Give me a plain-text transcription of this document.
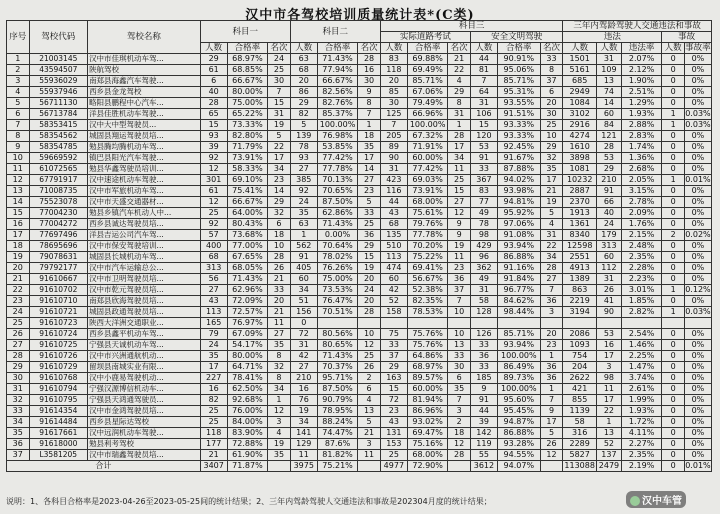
汉中市各驾校培训质量统计表*(C类)
序号	驾校代码	驾校名称	科目一			科目二			科目三						三年内驾龄驾驶人交通违法和事故				
									实际道路考试			安全文明驾驶			违法			事故	
			人数	合格率	名次	人数	合格率	名次	人数	合格率	名次	人数	合格率	名次	人数	人数	违法率	人数	事故率
1	21003145	汉中市佳琪机动车驾...	29	68.97%	24	63	71.43%	28	83	69.88%	21	44	90.91%	33	1501	31	2.07%	0	0%
2	43594507	陕航驾校	61	68.85%	25	68	77.94%	16	118	69.49%	22	81	95.06%	8	5161	109	2.12%	0	0%
3	55936029	南郑县海鑫汽车驾驶...	6	66.67%	30	20	66.67%	30	20	85.71%	4	7	85.71%	37	685	13	1.90%	0	0%
4	55937946	西乡县金龙驾校	40	80.00%	7	86	82.56%	9	85	67.06%	29	64	95.31%	6	2949	74	2.51%	0	0%
5	56711130	略阳县鹏程中心汽车...	28	75.00%	15	29	82.76%	8	30	79.49%	8	31	93.55%	20	1084	14	1.29%	0	0%
6	56713784	洋县佳胜机动车驾驶...	65	65.22%	31	82	85.37%	7	125	66.96%	31	106	91.51%	30	3102	60	1.93%	1	0.03%
7	58353415	汉中大中型驾驶员...	15	73.33%	19	5	100.00%	1	7	100.00%	1	15	93.33%	25	2916	84	2.88%	1	0.03%
8	58354562	城固县翔运驾驶员培...	93	82.80%	5	139	76.98%	18	205	67.32%	28	120	93.33%	10	4274	121	2.83%	0	0%
9	58354785	勉县腾均腾机动车驾...	39	71.79%	22	78	53.85%	35	89	71.91%	17	53	92.45%	29	1610	28	1.74%	0	0%
10	59669592	镇巴县阳光汽车驾驶...	92	73.91%	17	93	77.42%	17	90	60.00%	34	91	91.67%	32	3898	53	1.36%	0	0%
11	61072565	勉县华鑫驾驶员培训...	12	58.33%	34	27	77.78%	14	31	77.42%	11	33	87.88%	35	1081	29	2.68%	0	0%
12	67791917	汉中速途机动车驾驶...	301	69.10%	23	385	70.13%	27	423	69.03%	25	367	94.02%	17	10232	210	2.05%	1	0.01%
13	71008735	汉中市军旅机动车驾...	61	75.41%	14	92	70.65%	23	116	73.91%	15	83	93.98%	21	2887	91	3.15%	0	0%
14	75523078	汉中市天盛交通器材...	12	66.67%	29	24	87.50%	5	44	68.00%	27	77	94.81%	19	2370	66	2.78%	0	0%
15	77004230	勉县乡镇汽车机动人中...	25	64.00%	32	35	62.86%	33	43	75.61%	12	49	95.92%	5	1913	40	2.09%	0	0%
16	77004272	西乡县诚达驾驶员培...	92	80.43%	6	63	71.43%	25	68	79.76%	9	78	97.06%	4	1361	24	1.76%	0	0%
17	77697496	洋县吉运公司汽车驾...	57	73.68%	18	1	0.00%	36	135	77.78%	9	98	91.08%	31	8340	179	2.15%	2	0.02%
18	78695696	汉中市保安驾驶培训...	400	77.00%	10	562	70.64%	29	510	70.20%	19	429	93.94%	22	12598	313	2.48%	0	0%
19	79078631	城固县长城机动车驾...	68	67.65%	28	91	78.02%	15	113	75.22%	11	96	86.88%	34	2551	60	2.35%	0	0%
20	79792177	汉中市汽车运输总公...	313	68.05%	26	405	76.26%	19	474	69.41%	23	362	91.16%	28	4913	112	2.28%	0	0%
21	91610667	汉中市卫明驾驶员培...	56	71.43%	21	60	75.00%	20	60	56.67%	36	49	91.84%	27	1389	31	2.23%	0	0%
22	91610702	汉中市乾元驾驶员培...	27	62.96%	33	34	73.53%	24	42	52.38%	37	31	96.77%	7	863	26	3.01%	1	0.12%
23	91610710	南郑县欣海驾驶员培...	43	72.09%	20	51	76.47%	20	52	82.35%	7	58	84.62%	36	2219	41	1.85%	0	0%
24	91610721	城固县政通驾驶员培...	113	72.57%	21	156	70.51%	28	158	78.53%	10	128	98.44%	3	3194	90	2.82%	1	0.03%
25	91610723	陕西大洋洲交通职业...	165	76.97%	11	0													
26	91610724	西乡县鑫平机动车驾...	79	67.09%	27	72	80.56%	10	75	75.76%	10	126	85.71%	20	2086	53	2.54%	0	0%
27	91610725	宁强县天诚机动车驾...	24	54.17%	35	31	80.65%	12	33	75.76%	13	33	93.94%	23	1093	16	1.46%	0	0%
28	91610726	汉中市兴洲通航机动...	35	80.00%	8	42	71.43%	25	37	64.86%	33	36	100.00%	1	754	17	2.25%	0	0%
29	91610729	留坝县南城实业有限...	17	64.71%	32	27	70.37%	26	29	68.97%	30	33	86.49%	36	204	3	1.47%	0	0%
30	91610768	汉中小鹿易驾驶机动...	227	78.41%	8	210	95.71%	2	163	89.57%	6	185	89.73%	36	2622	98	3.74%	0	0%
31	91610794	宁强汉源博信机动车...	16	62.50%	34	16	87.50%	6	15	60.00%	35	9	100.00%	1	421	11	2.61%	0	0%
32	91610795	宁强县天鸿通驾驶员...	82	92.68%	1	76	90.79%	4	72	81.94%	7	91	95.60%	7	855	17	1.99%	0	0%
33	91614354	汉中市金鸿驾驶员培...	25	76.00%	12	19	78.95%	13	23	86.96%	3	44	95.45%	9	1139	22	1.93%	0	0%
34	91614484	西乡县星际达驾校	25	84.00%	3	34	88.24%	5	43	93.02%	2	39	94.87%	17	58	1	1.72%	0	0%
35	91617661	汉中远润机动车驾驶...	118	83.90%	4	141	74.47%	21	131	69.47%	18	142	86.88%	5	316	13	4.11%	0	0%
36	91618000	勉县利考驾校	177	72.88%	19	129	87.6%	3	153	75.16%	12	119	93.28%	26	2289	52	2.27%	0	0%
37	L3581205	汉中市瑞鑫驾驶员培...	21	61.90%	35	11	81.82%	11	25	68.00%	28	55	94.55%	12	5827	137	2.35%	0	0%
合计			3407	71.87%		3975	75.21%		4977	72.90%		3612	94.07%		113088	2479	2.19%	0	0.01%
说明：1、各科目合格率是2023-04-26至2023-05-25间的统计结果；2、三年内驾龄驾驶人交通违法和事故是202304月度的统计结果；	汉中车管
